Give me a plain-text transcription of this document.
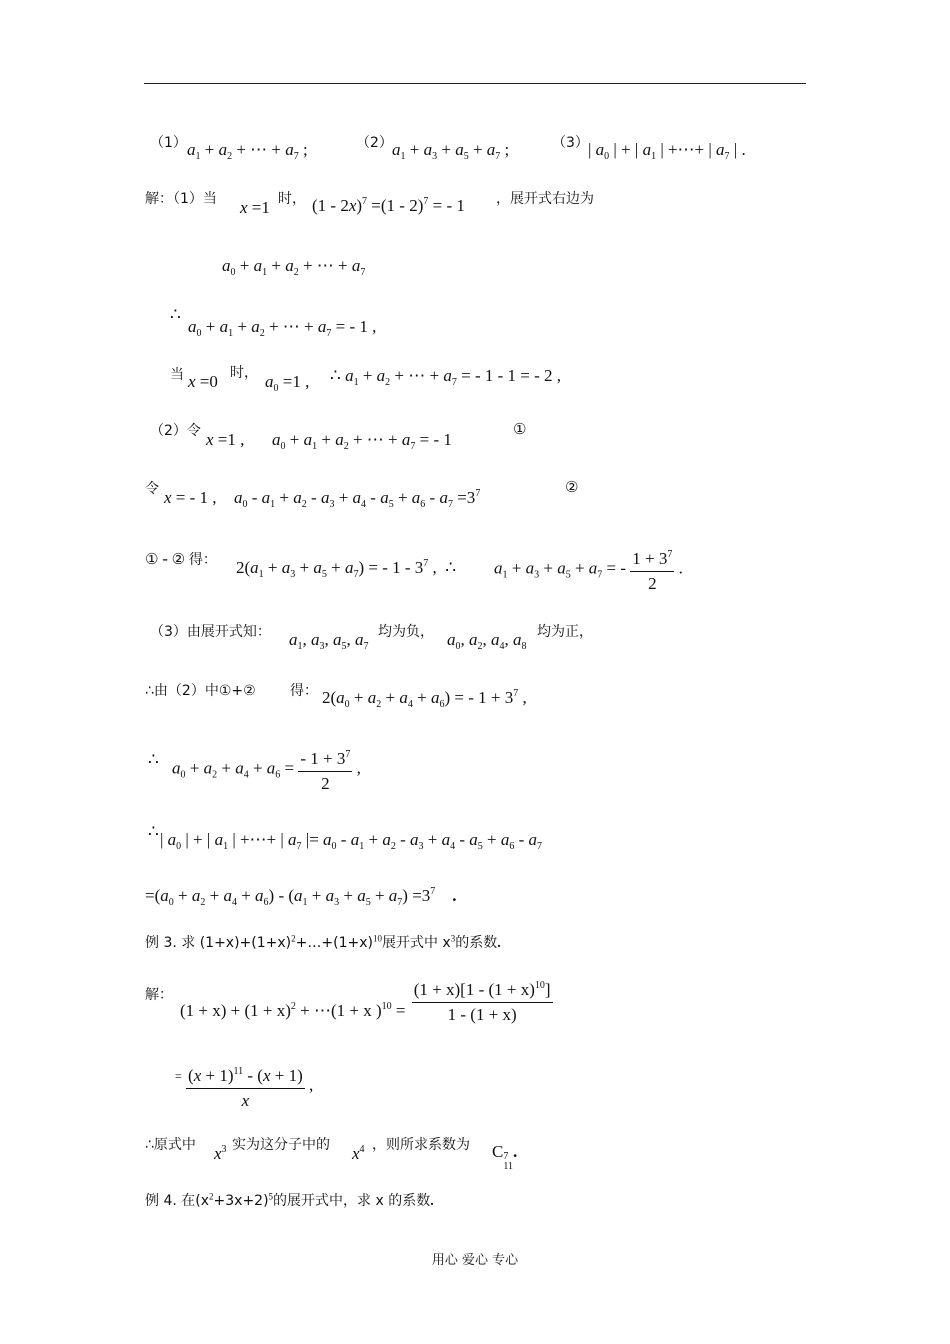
（1） $a_1 + a_2$ + ⋯ + $a_7$ ;	（2） $a_1 + a_3 + a_5 + a_7$ ;	（3） | $a_0$ | + | $a_1$ | +⋯+ | $a_7$ | .
解：（1）当 x =1 时， (1 - 2x)$^7$ =(1 - 2)$^7$ = - 1 ，展开式右边为
$a_0 + a_1 + a_2$ + ⋯ + $a_7$
∴
$a_0 + a_1 + a_2$ + ⋯ + $a_7$ = - 1 ,
当 x =0 时， $a_0 =1$ , ∴ $a_1 + a_2$ + ⋯ + $a_7$ = - 1 - 1 = - 2 ,
（2）令 x =1 , $a_0 + a_1 + a_2$ + ⋯ + $a_7$ = - 1
①
令 x = - 1 , $a_0 - a_1 + a_2 - a_3 + a_4 - a_5 + a_6 - a_7 =3^7$	②
① - ② 得： $2(a_1 + a_3 + a_5 + a_7)$ = - $1 - 3^7$ ,  ∴ $a_1 + a_3 + a_5 + a_7$ = - $\frac{1 + 3^7}{2}$ .
（3）由展开式知： $a_1$, $a_3$, $a_5$, $a_7$
均为负， $a_0$, $a_2$, $a_4$, $a_8$
均为正，
∴由（2）中①+② 得： $2(a_0 + a_2 + a_4 + a_6)$ = - $1 + 3^7$ ,
∴ $a_0 + a_2 + a_4 + a_6 = \frac{- 1 + 3^7}{2}$ ,
∴ | $a_0$ | + | $a_1$ | +⋯+ | $a_7$ |= $a_0 - a_1 + a_2 - a_3 + a_4 - a_5 + a_6 - a_7$
$=(a_0 + a_2 + a_4 + a_6) - (a_1 + a_3 + a_5 + a_7) =3^7$ .
例 3. 求 $(1+x)+(1+x)^2+\dots+(1+x)^{10}$展开式中 $x^3$的系数.
解：
$(1 + x) + (1 + x)^2$ + ⋯(1 + x )$^{10} = \frac{(1 + x)[1 - (1 + x)^{10}]}{1 - (1 + x)}$
$^= \frac{(x + 1)^{11} - (x + 1)}{x}$ ,
∴原式中 $x^3$ 实为这分子中的 $x^4$ ，则所求系数为 C 7
11
.
例 4. 在$(x^2+3x+2)^5$的展开式中，求 x 的系数.
用心 爱心 专心
